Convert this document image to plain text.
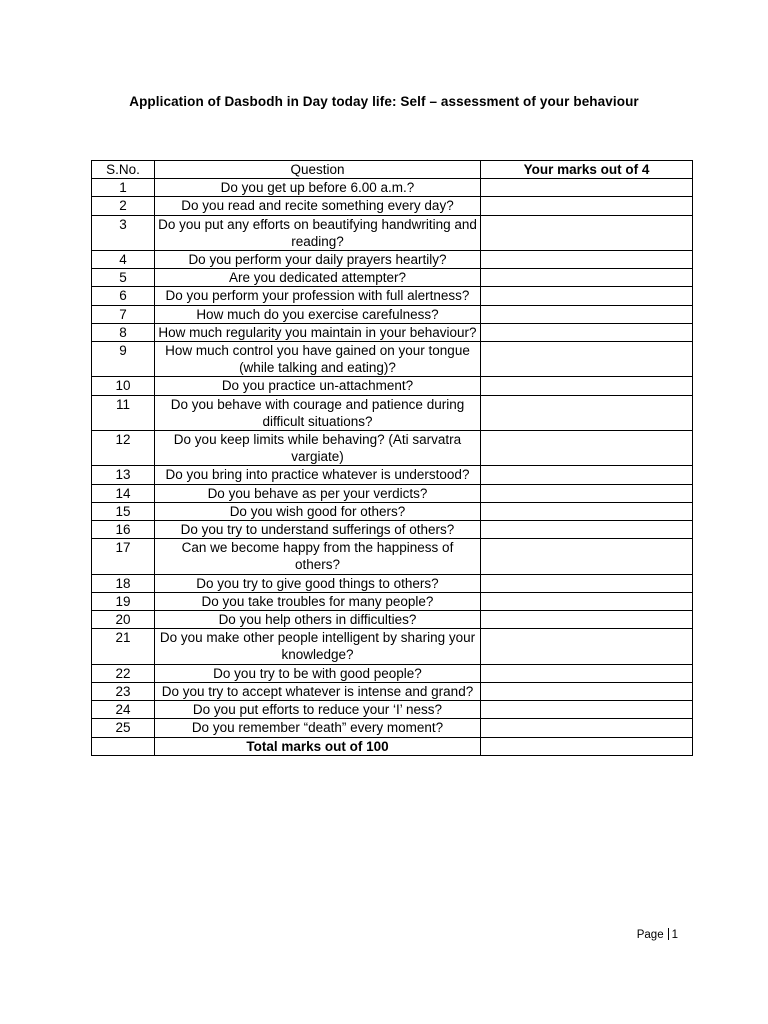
Application of Dasbodh in Day today life: Self – assessment of your behaviour
S.No.	Question	Your marks out of 4
1	Do you get up before 6.00 a.m.?	
2	Do you read and recite something every day?	
3	Do you put any efforts on beautifying handwriting and reading?	
4	Do you perform your daily prayers heartily?	
5	Are you dedicated attempter?	
6	Do you perform your profession with full alertness?	
7	How much do you exercise carefulness?	
8	How much regularity you maintain in your behaviour?	
9	How much control you have gained on your tongue (while talking and eating)?	
10	Do you practice un-attachment?	
11	Do you behave with courage and patience during difficult situations?	
12	Do you keep limits while behaving? (Ati sarvatra vargiate)	
13	Do you bring into practice whatever is understood?	
14	Do you behave as per your verdicts?	
15	Do you wish good for others?	
16	Do you try to understand sufferings of others?	
17	Can we become happy from the happiness of others?	
18	Do you try to give good things to others?	
19	Do you take troubles for many people?	
20	Do you help others in difficulties?	
21	Do you make other people intelligent by sharing your knowledge?	
22	Do you try to be with good people?	
23	Do you try to accept whatever is intense and grand?	
24	Do you put efforts to reduce your ‘I’ ness?	
25	Do you remember “death” every moment?	
	Total marks out of 100	
Page 1
